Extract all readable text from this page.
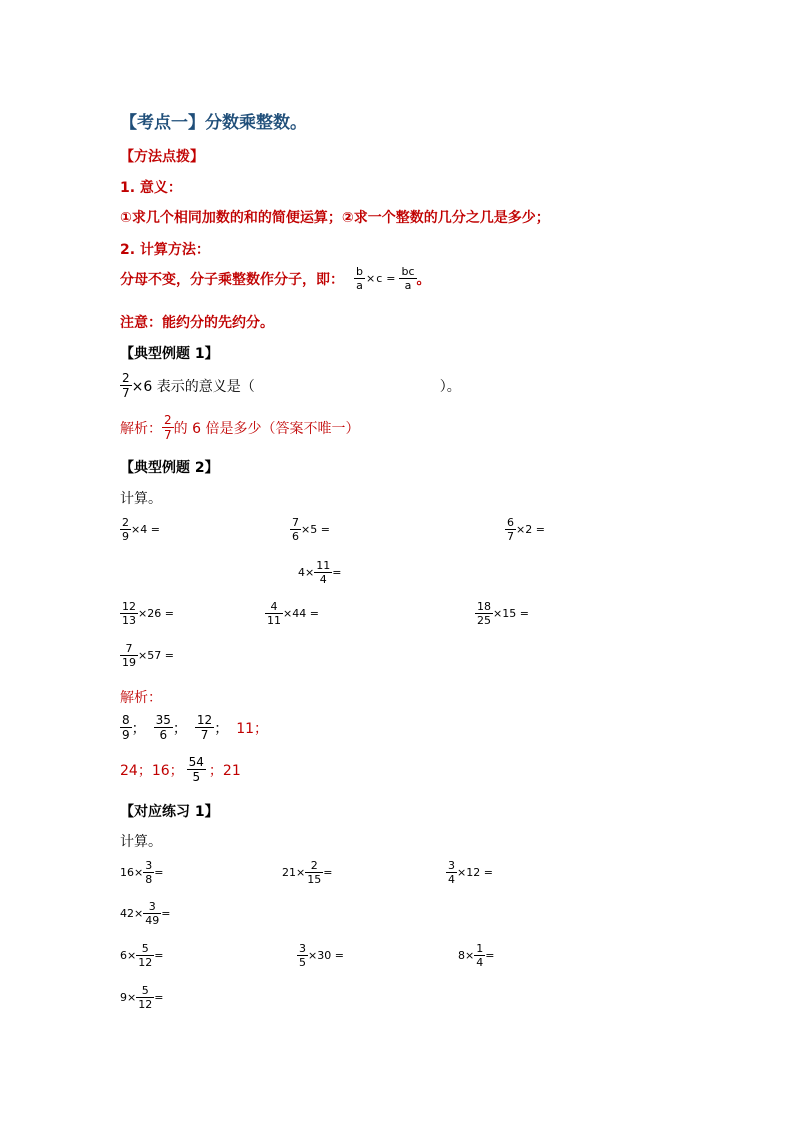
【考点一】分数乘整数。
【方法点拨】
1. 意义：
①求几个相同加数的和的简便运算；②求一个整数的几分之几是多少；
2. 计算方法：
分母不变，分子乘整数作分子，即： $\frac{b}{a} \times c = \frac{bc}{a}$ 。
注意：能约分的先约分。
【典型例题 1】
$\frac{2}{7} \times 6$ 表示的意义是（	）。
解析： $\frac{2}{7}$ 的 6 倍是多少（答案不唯一）
【典型例题 2】
计算。
$\frac{2}{9} \times 4$ =	$\frac{7}{6} \times 5$ =	$\frac{6}{7} \times 2$ =
$4\times \frac{11}{4}$ =
$\frac{12}{13} \times 26$ =	$\frac{4}{11} \times 44$ =	$\frac{18}{25} \times 15$ =
$\frac{7}{19} \times 57$ =
解析：
$\frac{8}{9}$ ； $\frac{35}{6}$ ； $\frac{12}{7}$ ； 11；
24；16； $\frac{54}{5}$ ；21
【对应练习 1】
计算。
$16\times \frac{3}{8}$ =	$21\times \frac{2}{15}$ =	$\frac{3}{4} \times 12$ =
$42\times \frac{3}{49}$ =
$6\times \frac{5}{12}$ =	$\frac{3}{5} \times 30$ =	$8\times \frac{1}{4}$ =
$9\times \frac{5}{12}$ =
